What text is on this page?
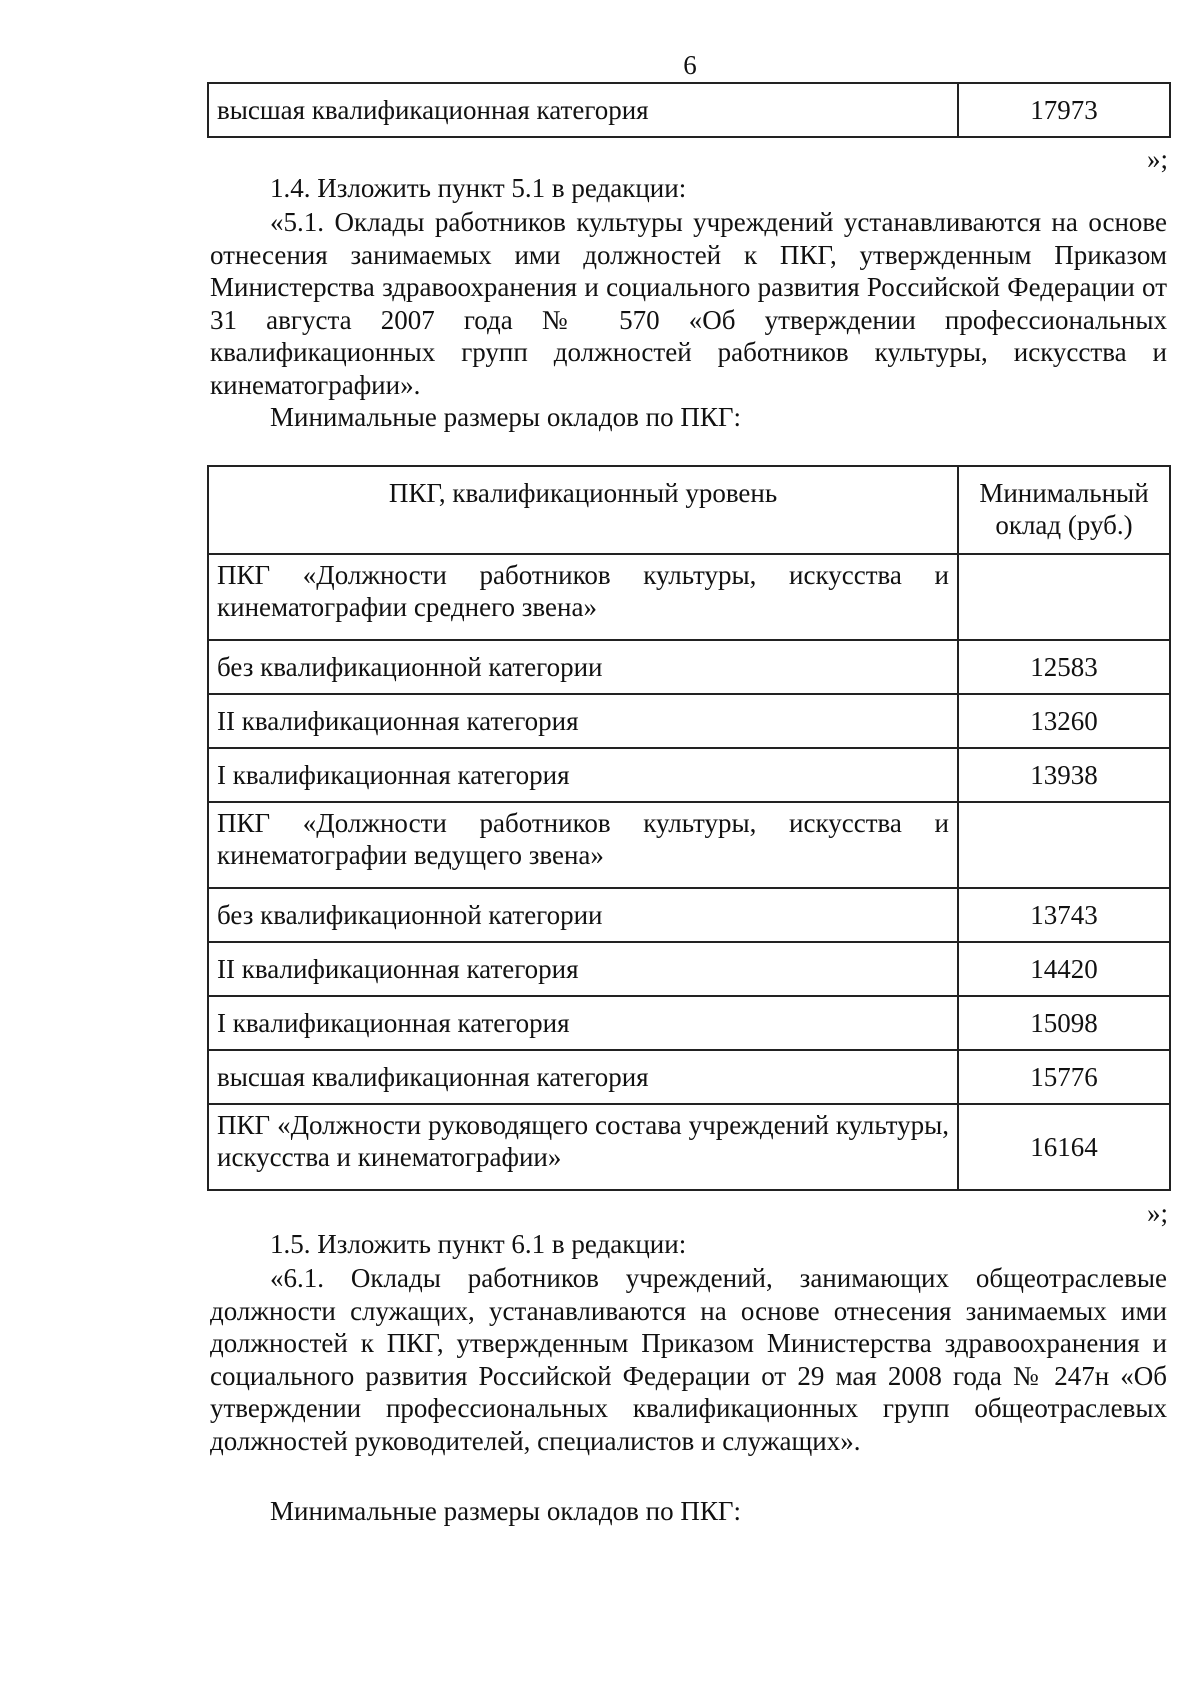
6
высшая квалификационная категория	17973
»;
1.4. Изложить пункт 5.1 в редакции:
«5.1. Оклады работников культуры учреждений устанавливаются на основе отнесения занимаемых ими должностей к ПКГ, утвержденным Приказом Министерства здравоохранения и социального развития Российской Федерации от 31 августа 2007 года № 570 «Об утверждении профессиональных квалификационных групп должностей работников культуры, искусства и кинематографии».
Минимальные размеры окладов по ПКГ:
ПКГ, квалификационный уровень	Минимальный оклад (руб.)
ПКГ «Должности работников культуры, искусства и кинематографии среднего звена»	
без квалификационной категории	12583
II квалификационная категория	13260
I квалификационная категория	13938
ПКГ «Должности работников культуры, искусства и кинематографии ведущего звена»	
без квалификационной категории	13743
II квалификационная категория	14420
I квалификационная категория	15098
высшая квалификационная категория	15776
ПКГ «Должности руководящего состава учреждений культуры, искусства и кинематографии»	16164
»;
1.5. Изложить пункт 6.1 в редакции:
«6.1. Оклады работников учреждений, занимающих общеотраслевые должности служащих, устанавливаются на основе отнесения занимаемых ими должностей к ПКГ, утвержденным Приказом Министерства здравоохранения и социального развития Российской Федерации от 29 мая 2008 года № 247н «Об утверждении профессиональных квалификационных групп общеотраслевых должностей руководителей, специалистов и служащих».
Минимальные размеры окладов по ПКГ:
